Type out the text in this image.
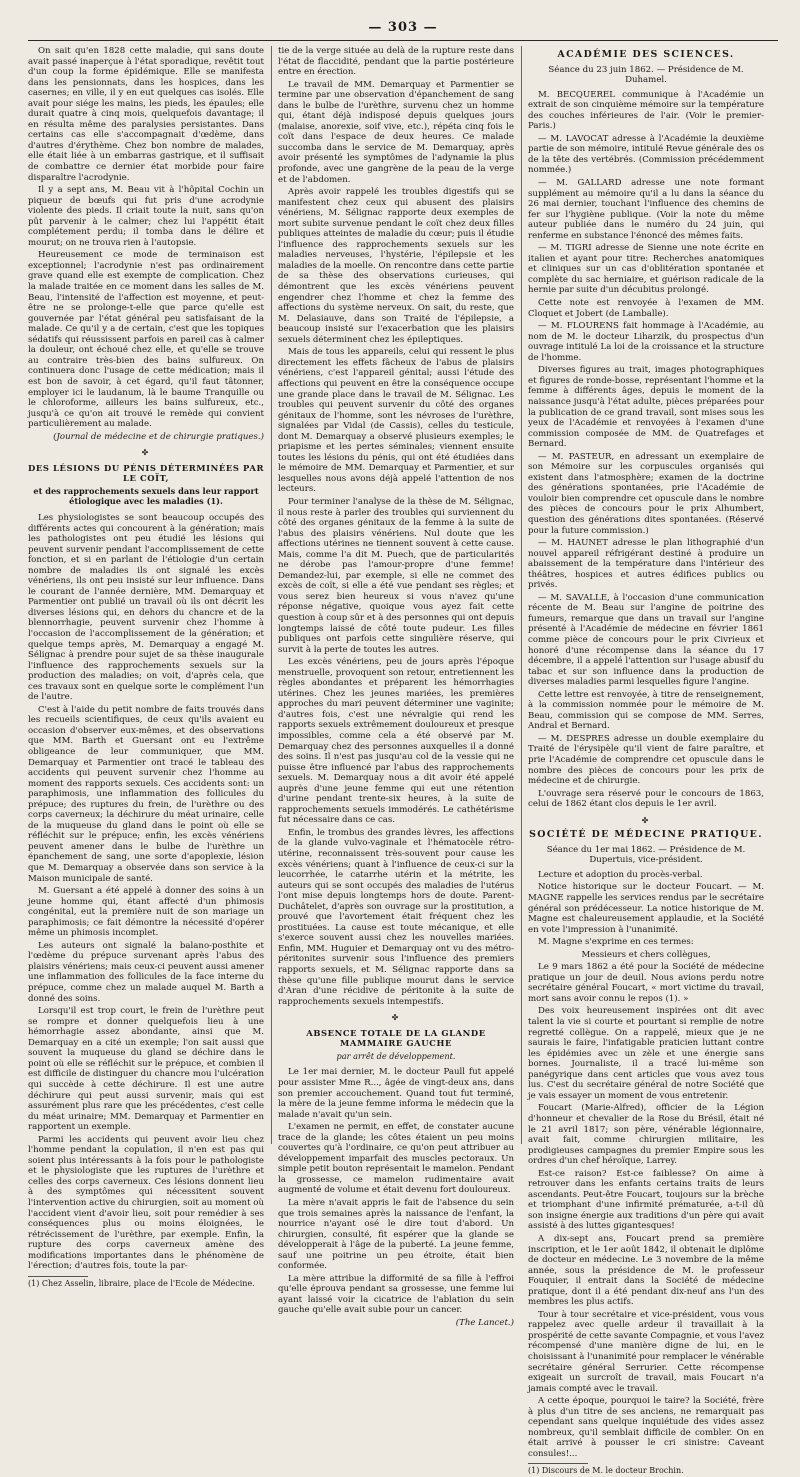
— 303 —

On sait qu'en 1828 cette maladie, qui sans doute avait passé inaperçue à l'état sporadique, revêtit tout d'un coup la forme épidémique. Elle se manifesta dans les pensionnats, dans les hospices, dans les casernes; en ville, il y en eut quelques cas isolés. Elle avait pour siége les mains, les pieds, les épaules; elle durait quatre à cinq mois, quelquefois davantage; il en résulta même des paralysies persistantes. Dans certains cas elle s'accompagnait d'œdème, dans d'autres d'érythème. Chez bon nombre de malades, elle était liée à un embarras gastrique, et il suffisait de combattre ce dernier état morbide pour faire disparaître l'acrodynie.

Il y a sept ans, M. Beau vit à l'hôpital Cochin un piqueur de bœufs qui fut pris d'une acrodynie violente des pieds. Il criait toute la nuit, sans qu'on pût parvenir à le calmer; chez lui l'appétit était complétement perdu; il tomba dans le délire et mourut; on ne trouva rien à l'autopsie.

Heureusement ce mode de terminaison est exceptionnel; l'acrodynie n'est pas ordinairement grave quand elle est exempte de complication. Chez la malade traitée en ce moment dans les salles de M. Beau, l'intensité de l'affection est moyenne, et peut-être ne se prolonge-t-elle que parce qu'elle est gouvernée par l'état général peu satisfaisant de la malade. Ce qu'il y a de certain, c'est que les topiques sédatifs qui réussissent parfois en pareil cas à calmer la douleur, ont échoué chez elle, et qu'elle se trouve au contraire très-bien des bains sulfureux. On continuera donc l'usage de cette médication; mais il est bon de savoir, à cet égard, qu'il faut tâtonner, employer ici le laudanum, là le baume Tranquille ou le chloroforme, ailleurs les bains sulfureux, etc., jusqu'à ce qu'on ait trouvé le remède qui convient particulièrement au malade.

(Journal de médecine et de chirurgie pratiques.)

✤
DES LÉSIONS DU PÉNIS DÉTERMINÉES PAR LE COÏT,
et des rapprochements sexuels dans leur rapport étiologique avec les maladies (1).

Les physiologistes se sont beaucoup occupés des différents actes qui concourent à la génération; mais les pathologistes ont peu étudié les lésions qui peuvent survenir pendant l'accomplissement de cette fonction, et si en parlant de l'étiologie d'un certain nombre de maladies ils ont signalé les excès vénériens, ils ont peu insisté sur leur influence. Dans le courant de l'année dernière, MM. Demarquay et Parmentier ont publié un travail où ils ont décrit les diverses lésions qui, en dehors du chancre et de la blennorrhagie, peuvent survenir chez l'homme à l'occasion de l'accomplissement de la génération; et quelque temps après, M. Demarquay a engagé M. Sélignac à prendre pour sujet de sa thèse inaugurale l'influence des rapprochements sexuels sur la production des maladies; on voit, d'après cela, que ces travaux sont en quelque sorte le complément l'un de l'autre.

C'est à l'aide du petit nombre de faits trouvés dans les recueils scientifiques, de ceux qu'ils avaient eu occasion d'observer eux-mêmes, et des observations que MM. Barth et Guersant ont eu l'extrême obligeance de leur communiquer, que MM. Demarquay et Parmentier ont tracé le tableau des accidents qui peuvent survenir chez l'homme au moment des rapports sexuels. Ces accidents sont: un paraphimosis, une inflammation des follicules du prépuce; des ruptures du frein, de l'urèthre ou des corps caverneux; la déchirure du méat urinaire, celle de la muqueuse du gland dans le point où elle se réfléchit sur le prépuce; enfin, les excès vénériens peuvent amener dans le bulbe de l'urèthre un épanchement de sang, une sorte d'apoplexie, lésion que M. Demarquay a observée dans son service à la Maison municipale de santé.

M. Guersant a été appelé à donner des soins à un jeune homme qui, étant affecté d'un phimosis congénital, eut la première nuit de son mariage un paraphimosis; ce fait démontre la nécessité d'opérer même un phimosis incomplet.

Les auteurs ont signalé la balano-posthite et l'œdème du prépuce survenant après l'abus des plaisirs vénériens; mais ceux-ci peuvent aussi amener une inflammation des follicules de la face interne du prépuce, comme chez un malade auquel M. Barth a donné des soins.

Lorsqu'il est trop court, le frein de l'urèthre peut se rompre et donner quelquefois lieu à une hémorrhagie assez abondante, ainsi que M. Demarquay en a cité un exemple; l'on sait aussi que souvent la muqueuse du gland se déchire dans le point où elle se réfléchit sur le prépuce, et combien il est difficile de distinguer du chancre mou l'ulcération qui succède à cette déchirure. Il est une autre déchirure qui peut aussi survenir, mais qui est assurément plus rare que les précédentes, c'est celle du méat urinaire; MM. Demarquay et Parmentier en rapportent un exemple.

Parmi les accidents qui peuvent avoir lieu chez l'homme pendant la copulation, il n'en est pas qui soient plus intéressants à la fois pour le pathologiste et le physiologiste que les ruptures de l'urèthre et celles des corps caverneux. Ces lésions donnent lieu à des symptômes qui nécessitent souvent l'intervention active du chirurgien, soit au moment où l'accident vient d'avoir lieu, soit pour remédier à ses conséquences plus ou moins éloignées, le rétrécissement de l'urèthre, par exemple. Enfin, la rupture des corps caverneux amène des modifications importantes dans le phénomène de l'érection; d'autres fois, toute la par-

(1) Chez Asselin, libraire, place de l'Ecole de Médecine.

tie de la verge située au delà de la rupture reste dans l'état de flaccidité, pendant que la partie postérieure entre en érection.

Le travail de MM. Demarquay et Parmentier se termine par une observation d'épanchement de sang dans le bulbe de l'urèthre, survenu chez un homme qui, étant déjà indisposé depuis quelques jours (malaise, anorexie, soif vive, etc.), répéta cinq fois le coït dans l'espace de deux heures. Ce malade succomba dans le service de M. Demarquay, après avoir présenté les symptômes de l'adynamie la plus profonde, avec une gangrène de la peau de la verge et de l'abdomen.

Après avoir rappelé les troubles digestifs qui se manifestent chez ceux qui abusent des plaisirs vénériens, M. Sélignac rapporte deux exemples de mort subite survenue pendant le coït chez deux filles publiques atteintes de maladie du cœur; puis il étudie l'influence des rapprochements sexuels sur les maladies nerveuses, l'hystérie, l'épilepsie et les maladies de la moelle. On rencontre dans cette partie de sa thèse des observations curieuses, qui démontrent que les excès vénériens peuvent engendrer chez l'homme et chez la femme des affections du système nerveux. On sait, du reste, que M. Delasiauve, dans son Traité de l'épilepsie, a beaucoup insisté sur l'exacerbation que les plaisirs sexuels déterminent chez les épileptiques.

Mais de tous les appareils, celui qui ressent le plus directement les effets fâcheux de l'abus de plaisirs vénériens, c'est l'appareil génital; aussi l'étude des affections qui peuvent en être la conséquence occupe une grande place dans le travail de M. Sélignac. Les troubles qui peuvent survenir du côté des organes génitaux de l'homme, sont les névroses de l'urèthre, signalées par Vidal (de Cassis), celles du testicule, dont M. Demarquay a observé plusieurs exemples; le priapisme et les pertes séminales; viennent ensuite toutes les lésions du pénis, qui ont été étudiées dans le mémoire de MM. Demarquay et Parmentier, et sur lesquelles nous avons déjà appelé l'attention de nos lecteurs.

Pour terminer l'analyse de la thèse de M. Sélignac, il nous reste à parler des troubles qui surviennent du côté des organes génitaux de la femme à la suite de l'abus des plaisirs vénériens. Nul doute que les affections utérines ne tiennent souvent à cette cause. Mais, comme l'a dit M. Puech, que de particularités ne dérobe pas l'amour-propre d'une femme! Demandez-lui, par exemple, si elle ne commet des excès de coït, si elle a été vue pendant ses règles; et vous serez bien heureux si vous n'avez qu'une réponse négative, quoique vous ayez fait cette question à coup sûr et à des personnes qui ont depuis longtemps laissé de côté toute pudeur. Les filles publiques ont parfois cette singulière réserve, qui survit à la perte de toutes les autres.

Les excès vénériens, peu de jours après l'époque menstruelle, provoquent son retour, entretiennent les règles abondantes et préparent les hémorrhagies utérines. Chez les jeunes mariées, les premières approches du mari peuvent déterminer une vaginite; d'autres fois, c'est une névralgie qui rend les rapports sexuels extrêmement douloureux et presque impossibles, comme cela a été observé par M. Demarquay chez des personnes auxquelles il a donné des soins. Il n'est pas jusqu'au col de la vessie qui ne puisse être influencé par l'abus des rapprochements sexuels. M. Demarquay nous a dit avoir été appelé auprès d'une jeune femme qui eut une rétention d'urine pendant trente-six heures, à la suite de rapprochements sexuels immodérés. Le cathétérisme fut nécessaire dans ce cas.

Enfin, le trombus des grandes lèvres, les affections de la glande vulvo-vaginale et l'hématocèle rétro-utérine, reconnaissent très-souvent pour cause les excès vénériens; quant à l'influence de ceux-ci sur la leucorrhée, le catarrhe utérin et la métrite, les auteurs qui se sont occupés des maladies de l'utérus l'ont mise depuis longtemps hors de doute. Parent-Duchâtelet, d'après son ouvrage sur la prostitution, a prouvé que l'avortement était fréquent chez les prostituées. La cause est toute mécanique, et elle s'exerce souvent aussi chez les nouvelles mariées. Enfin, MM. Huguier et Demarquay ont vu des métro-péritonites survenir sous l'influence des premiers rapports sexuels, et M. Sélignac rapporte dans sa thèse qu'une fille publique mourut dans le service d'Aran d'une récidive de péritonite à la suite de rapprochements sexuels intempestifs.

✤
ABSENCE TOTALE DE LA GLANDE MAMMAIRE GAUCHE
par arrêt de développement.

Le 1er mai dernier, M. le docteur Paull fut appelé pour assister Mme R..., âgée de vingt-deux ans, dans son premier accouchement. Quand tout fut terminé, la mère de la jeune femme informa le médecin que la malade n'avait qu'un sein.

L'examen ne permit, en effet, de constater aucune trace de la glande; les côtes étaient un peu moins couvertes qu'à l'ordinaire, ce qu'on peut attribuer au développement imparfait des muscles pectoraux. Un simple petit bouton représentait le mamelon. Pendant la grossesse, ce mamelon rudimentaire avait augmenté de volume et était devenu fort douloureux.

La mère n'avait appris le fait de l'absence du sein que trois semaines après la naissance de l'enfant, la nourrice n'ayant osé le dire tout d'abord. Un chirurgien, consulté, fit espérer que la glande se développerait à l'âge de la puberté. La jeune femme, sauf une poitrine un peu étroite, était bien conformée.

La mère attribue la difformité de sa fille à l'effroi qu'elle éprouva pendant sa grossesse, une femme lui ayant laissé voir la cicatrice de l'ablation du sein gauche qu'elle avait subie pour un cancer.

(The Lancet.)

ACADÉMIE DES SCIENCES.
Séance du 23 juin 1862. — Présidence de M. Duhamel.

M. BECQUEREL communique à l'Académie un extrait de son cinquième mémoire sur la température des couches inférieures de l'air. (Voir le premier-Paris.)

— M. LAVOCAT adresse à l'Académie la deuxième partie de son mémoire, intitulé Revue générale des os de la tête des vertébrés. (Commission précédemment nommée.)

— M. GALLARD adresse une note formant supplément au mémoire qu'il a lu dans la séance du 26 mai dernier, touchant l'influence des chemins de fer sur l'hygiène publique. (Voir la note du même auteur publiée dans le numéro du 24 juin, qui renferme en substance l'énoncé des mêmes faits.

— M. TIGRI adresse de Sienne une note écrite en italien et ayant pour titre: Recherches anatomiques et cliniques sur un cas d'oblitération spontanée et complète du sac herniaire, et guérison radicale de la hernie par suite d'un décubitus prolongé.

Cette note est renvoyée à l'examen de MM. Cloquet et Jobert (de Lamballe).

— M. FLOURENS fait hommage à l'Académie, au nom de M. le docteur Liharzik, du prospectus d'un ouvrage intitulé La loi de la croissance et la structure de l'homme.

Diverses figures au trait, images photographiques et figures de ronde-bosse, représentant l'homme et la femme à différents âges, depuis le moment de la naissance jusqu'à l'état adulte, pièces préparées pour la publication de ce grand travail, sont mises sous les yeux de l'Académie et renvoyées à l'examen d'une commission composée de MM. de Quatrefages et Bernard.

— M. PASTEUR, en adressant un exemplaire de son Mémoire sur les corpuscules organisés qui existent dans l'atmosphère; examen de la doctrine des générations spontanées, prie l'Académie de vouloir bien comprendre cet opuscule dans le nombre des pièces de concours pour le prix Alhumbert, question des générations dites spontanées. (Réservé pour la future commission.)

— M. HAUNET adresse le plan lithographié d'un nouvel appareil réfrigérant destiné à produire un abaissement de la température dans l'intérieur des théâtres, hospices et autres édifices publics ou privés.

— M. SAVALLE, à l'occasion d'une communication récente de M. Beau sur l'angine de poitrine des fumeurs, remarque que dans un travail sur l'angine présenté à l'Académie de médecine en février 1861 comme pièce de concours pour le prix Civrieux et honoré d'une récompense dans la séance du 17 décembre, il a appelé l'attention sur l'usage abusif du tabac et sur son influence dans la production de diverses maladies parmi lesquelles figure l'angine.

Cette lettre est renvoyée, à titre de renseignement, à la commission nommée pour le mémoire de M. Beau, commission qui se compose de MM. Serres, Andral et Bernard.

— M. DESPRES adresse un double exemplaire du Traité de l'érysipèle qu'il vient de faire paraître, et prie l'Académie de comprendre cet opuscule dans le nombre des pièces de concours pour les prix de médecine et de chirurgie.

L'ouvrage sera réservé pour le concours de 1863, celui de 1862 étant clos depuis le 1er avril.

✤
SOCIÉTÉ DE MÉDECINE PRATIQUE.
Séance du 1er mai 1862. — Présidence de M. Dupertuis, vice-président.

Lecture et adoption du procès-verbal.

Notice historique sur le docteur Foucart. — M. MAGNE rappelle les services rendus par le secrétaire général son prédécesseur. La notice historique de M. Magne est chaleureusement applaudie, et la Société en vote l'impression à l'unanimité.

M. Magne s'exprime en ces termes:

Messieurs et chers collègues,

Le 9 mars 1862 a été pour la Société de médecine pratique un jour de deuil. Nous avions perdu notre secrétaire général Foucart, « mort victime du travail, mort sans avoir connu le repos (1). »

Des voix heureusement inspirées ont dit avec talent la vie si courte et pourtant si remplie de notre regretté collègue. On a rappelé, mieux que je ne saurais le faire, l'infatigable praticien luttant contre les épidémies avec un zèle et une énergie sans bornes. Journaliste, il a tracé lui-même son panégyrique dans cent articles que vous avez tous lus. C'est du secrétaire général de notre Société que je vais essayer un moment de vous entretenir.

Foucart (Marie-Alfred), officier de la Légion d'honneur et chevalier de la Rose du Brésil, était né le 21 avril 1817; son père, vénérable légionnaire, avait fait, comme chirurgien militaire, les prodigieuses campagnes du premier Empire sous les ordres d'un chef héroïque, Larrey.

Est-ce raison? Est-ce faiblesse? On aime à retrouver dans les enfants certains traits de leurs ascendants. Peut-être Foucart, toujours sur la brèche et triomphant d'une infirmité prématurée, a-t-il dû son insigne énergie aux traditions d'un père qui avait assisté à des luttes gigantesques!

A dix-sept ans, Foucart prend sa première inscription, et le 1er août 1842, il obtenait le diplôme de docteur en médecine. Le 3 novembre de la même année, sous la présidence de M. le professeur Fouquier, il entrait dans la Société de médecine pratique, dont il a été pendant dix-neuf ans l'un des membres les plus actifs.

Tour à tour secrétaire et vice-président, vous vous rappelez avec quelle ardeur il travaillait à la prospérité de cette savante Compagnie, et vous l'avez récompensé d'une manière digne de lui, en le choisissant à l'unanimité pour remplacer le vénérable secrétaire général Serrurier. Cette récompense exigeait un surcroît de travail, mais Foucart n'a jamais compté avec le travail.

A cette époque, pourquoi le taire? la Société, frère à plus d'un titre de ses anciens, ne remarquait pas cependant sans quelque inquiétude des vides assez nombreux, qu'il semblait difficile de combler. On en était arrivé à pousser le cri sinistre: Caveant consules!...

(1) Discours de M. le docteur Brochin.
